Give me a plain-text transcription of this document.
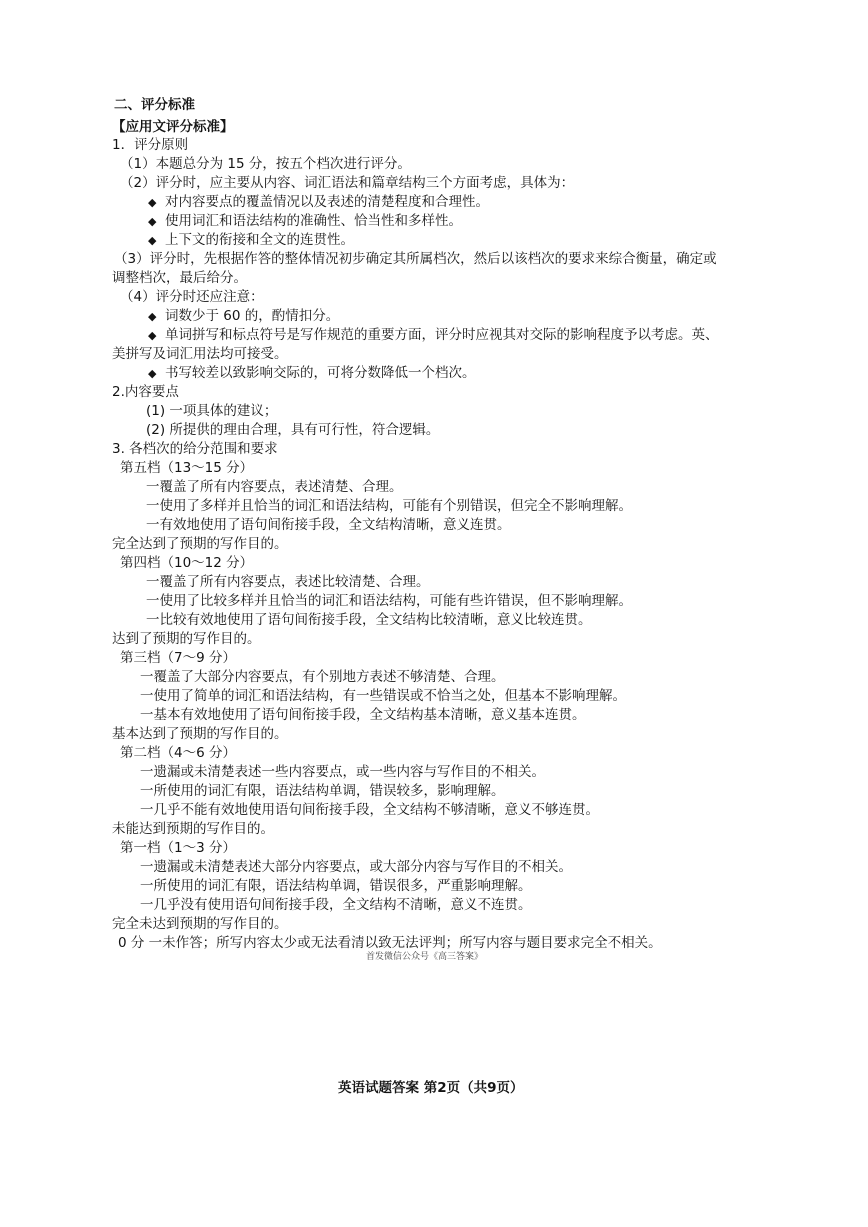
二、评分标准
【应用文评分标准】
1．评分原则
（1）本题总分为 15 分，按五个档次进行评分。
（2）评分时，应主要从内容、词汇语法和篇章结构三个方面考虑，具体为：
◆ 对内容要点的覆盖情况以及表述的清楚程度和合理性。
◆ 使用词汇和语法结构的准确性、恰当性和多样性。
◆ 上下文的衔接和全文的连贯性。
（3）评分时，先根据作答的整体情况初步确定其所属档次，然后以该档次的要求来综合衡量，确定或
调整档次，最后给分。
（4）评分时还应注意：
◆ 词数少于 60 的，酌情扣分。
◆ 单词拼写和标点符号是写作规范的重要方面，评分时应视其对交际的影响程度予以考虑。英、
美拼写及词汇用法均可接受。
◆ 书写较差以致影响交际的，可将分数降低一个档次。
2.内容要点
(1) 一项具体的建议；
(2) 所提供的理由合理，具有可行性，符合逻辑。
3. 各档次的给分范围和要求
第五档（13～15 分）
一覆盖了所有内容要点，表述清楚、合理。
一使用了多样并且恰当的词汇和语法结构，可能有个别错误，但完全不影响理解。
一有效地使用了语句间衔接手段，全文结构清晰，意义连贯。
完全达到了预期的写作目的。
第四档（10～12 分）
一覆盖了所有内容要点，表述比较清楚、合理。
一使用了比较多样并且恰当的词汇和语法结构，可能有些许错误，但不影响理解。
一比较有效地使用了语句间衔接手段，全文结构比较清晰，意义比较连贯。
达到了预期的写作目的。
第三档（7～9 分）
一覆盖了大部分内容要点，有个别地方表述不够清楚、合理。
一使用了简单的词汇和语法结构，有一些错误或不恰当之处，但基本不影响理解。
一基本有效地使用了语句间衔接手段，全文结构基本清晰，意义基本连贯。
基本达到了预期的写作目的。
第二档（4～6 分）
一遗漏或未清楚表述一些内容要点，或一些内容与写作目的不相关。
一所使用的词汇有限，语法结构单调，错误较多，影响理解。
一几乎不能有效地使用语句间衔接手段，全文结构不够清晰，意义不够连贯。
未能达到预期的写作目的。
第一档（1～3 分）
一遗漏或未清楚表述大部分内容要点，或大部分内容与写作目的不相关。
一所使用的词汇有限，语法结构单调，错误很多，严重影响理解。
一几乎没有使用语句间衔接手段，全文结构不清晰，意义不连贯。
完全未达到预期的写作目的。
0 分 一未作答；所写内容太少或无法看清以致无法评判；所写内容与题目要求完全不相关。
首发微信公众号《高三答案》
英语试题答案 第2页（共9页）
